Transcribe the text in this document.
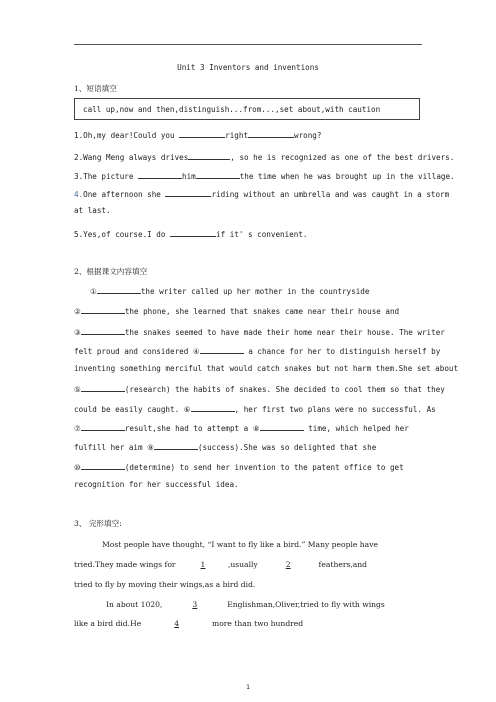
Unit 3 Inventors and inventions
1、短语填空
call up,now and then,distinguish...from...,set about,with caution
1.Oh,my dear!Could you	right	wrong?
2.Wang Meng always drives	, so he is recognized as one of the best drivers.
3.The picture	him	the time when he was brought up in the village.
4.One afternoon she	riding without an umbrella and was caught in a storm
at last.
5.Yes,of course.I do	if it' s convenient.
2、根据课文内容填空
①	the writer called up her mother in the countryside
②	the phone, she learned that snakes came near their house and
③	the snakes seemed to have made their home near their house. The writer
felt proud and considered ④	a chance for her to distinguish herself by
inventing something merciful that would catch snakes but not harm them.She set about
⑤	(research) the habits of snakes. She decided to cool them so that they
could be easily caught. ⑥	, her first two plans were no successful. As
⑦	result,she had to attempt a ⑧	time, which helped her
fulfill her aim ⑨	(success).She was so delighted that she
⑩	(determine) to send her invention to the patent office to get
recognition for her successful idea.
3、 完形填空:
Most people have thought, “I want to fly like a bird.” Many people have
tried.They made wings for	1	,usually	2	feathers,and
tried to fly by moving their wings,as a bird did.
In about 1020,	3	Englishman,Oliver,tried to fly with wings
like a bird did.He	4	more than two hundred
1
